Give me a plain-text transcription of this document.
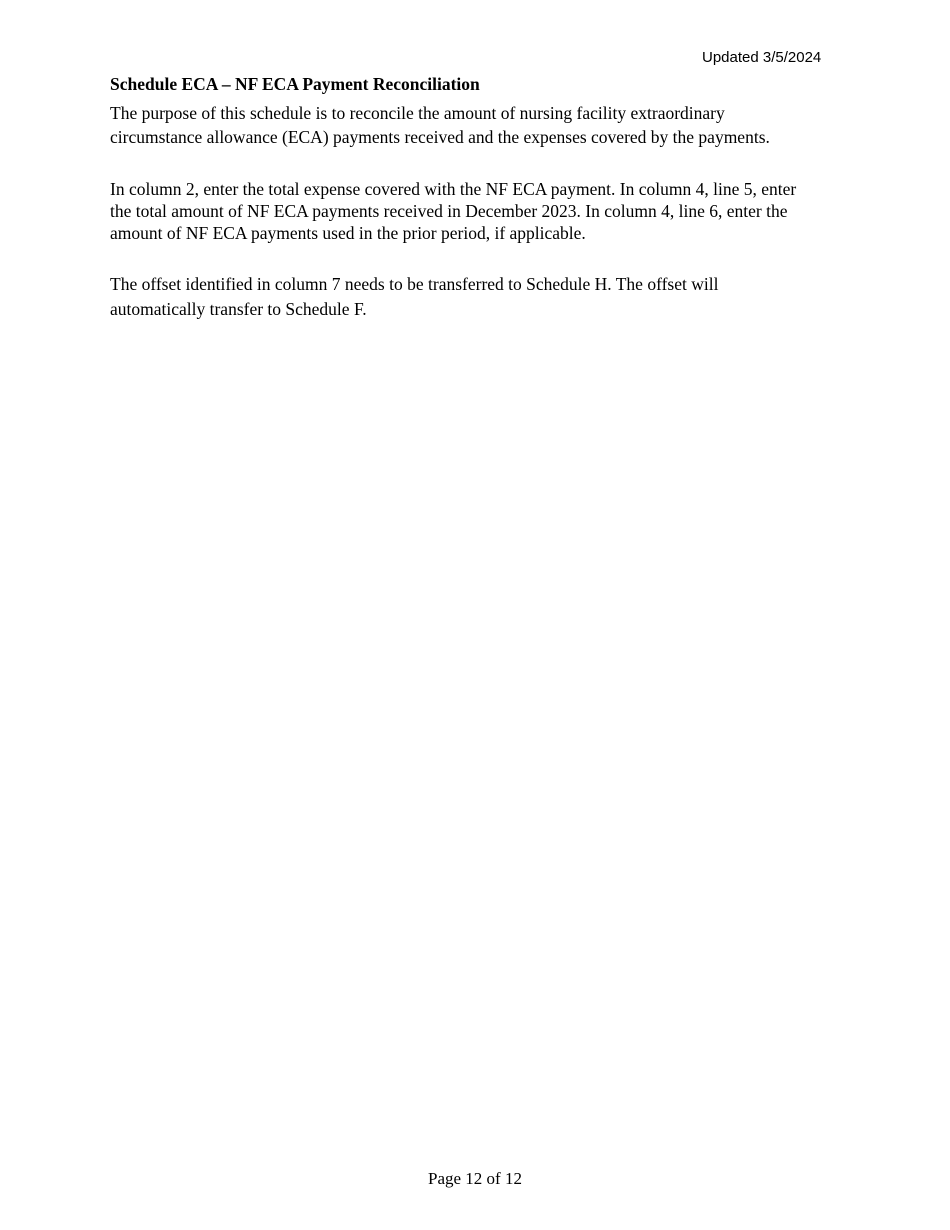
Updated 3/5/2024
Schedule ECA – NF ECA Payment Reconciliation
The purpose of this schedule is to reconcile the amount of nursing facility extraordinary
circumstance allowance (ECA) payments received and the expenses covered by the payments.
In column 2, enter the total expense covered with the NF ECA payment. In column 4, line 5, enter
the total amount of NF ECA payments received in December 2023. In column 4, line 6, enter the
amount of NF ECA payments used in the prior period, if applicable.
The offset identified in column 7 needs to be transferred to Schedule H. The offset will
automatically transfer to Schedule F.
Page 12 of 12
